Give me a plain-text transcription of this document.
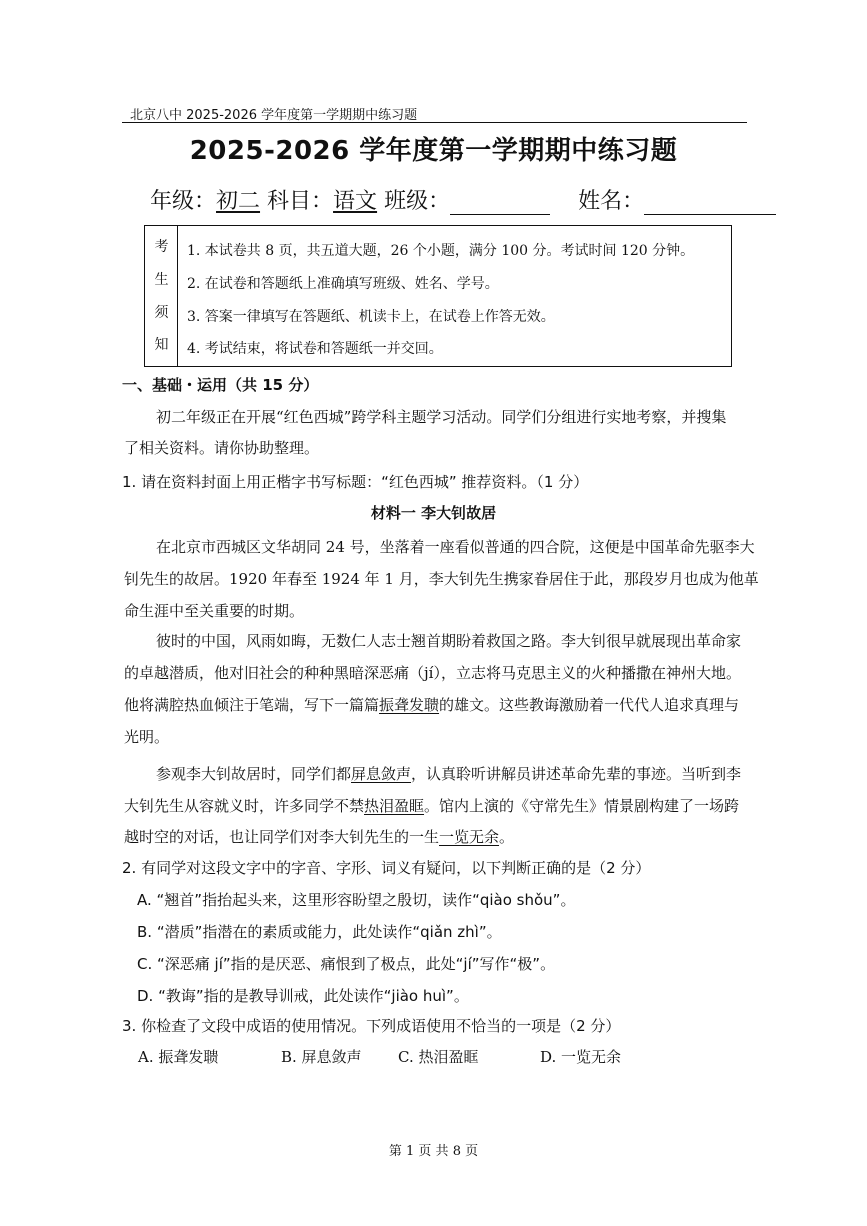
北京八中 2025-2026 学年度第一学期期中练习题
2025-2026 学年度第一学期期中练习题
年级：初二 科目：语文 班级：	姓名：
考
生
须
知
1. 本试卷共 8 页，共五道大题，26 个小题，满分 100 分。考试时间 120 分钟。
2. 在试卷和答题纸上准确填写班级、姓名、学号。
3. 答案一律填写在答题纸、机读卡上，在试卷上作答无效。
4. 考试结束，将试卷和答题纸一并交回。
一、基础・运用（共 15 分）
初二年级正在开展“红色西城”跨学科主题学习活动。同学们分组进行实地考察，并搜集
了相关资料。请你协助整理。
1. 请在资料封面上用正楷字书写标题：“红色西城” 推荐资料。（1 分）
材料一 李大钊故居
在北京市西城区文华胡同 24 号，坐落着一座看似普通的四合院，这便是中国革命先驱李大
钊先生的故居。1920 年春至 1924 年 1 月，李大钊先生携家眷居住于此，那段岁月也成为他革
命生涯中至关重要的时期。
彼时的中国，风雨如晦，无数仁人志士翘首期盼着救国之路。李大钊很早就展现出革命家
的卓越潜质，他对旧社会的种种黑暗深恶痛（jí），立志将马克思主义的火种播撒在神州大地。
他将满腔热血倾注于笔端，写下一篇篇振聋发聩的雄文。这些教诲激励着一代代人追求真理与
光明。
参观李大钊故居时，同学们都屏息敛声，认真聆听讲解员讲述革命先辈的事迹。当听到李
大钊先生从容就义时，许多同学不禁热泪盈眶。馆内上演的《守常先生》情景剧构建了一场跨
越时空的对话，也让同学们对李大钊先生的一生一览无余。
2. 有同学对这段文字中的字音、字形、词义有疑问，以下判断正确的是（2 分）
A. “翘首”指抬起头来，这里形容盼望之殷切，读作“qiào shǒu”。
B. “潜质”指潜在的素质或能力，此处读作“qiǎn zhì”。
C. “深恶痛 jí”指的是厌恶、痛恨到了极点，此处“jí”写作“极”。
D. “教诲”指的是教导训戒，此处读作“jiào huì”。
3. 你检查了文段中成语的使用情况。下列成语使用不恰当的一项是（2 分）
A. 振聋发聩	B. 屏息敛声 C. 热泪盈眶	D. 一览无余
第 1 页 共 8 页
